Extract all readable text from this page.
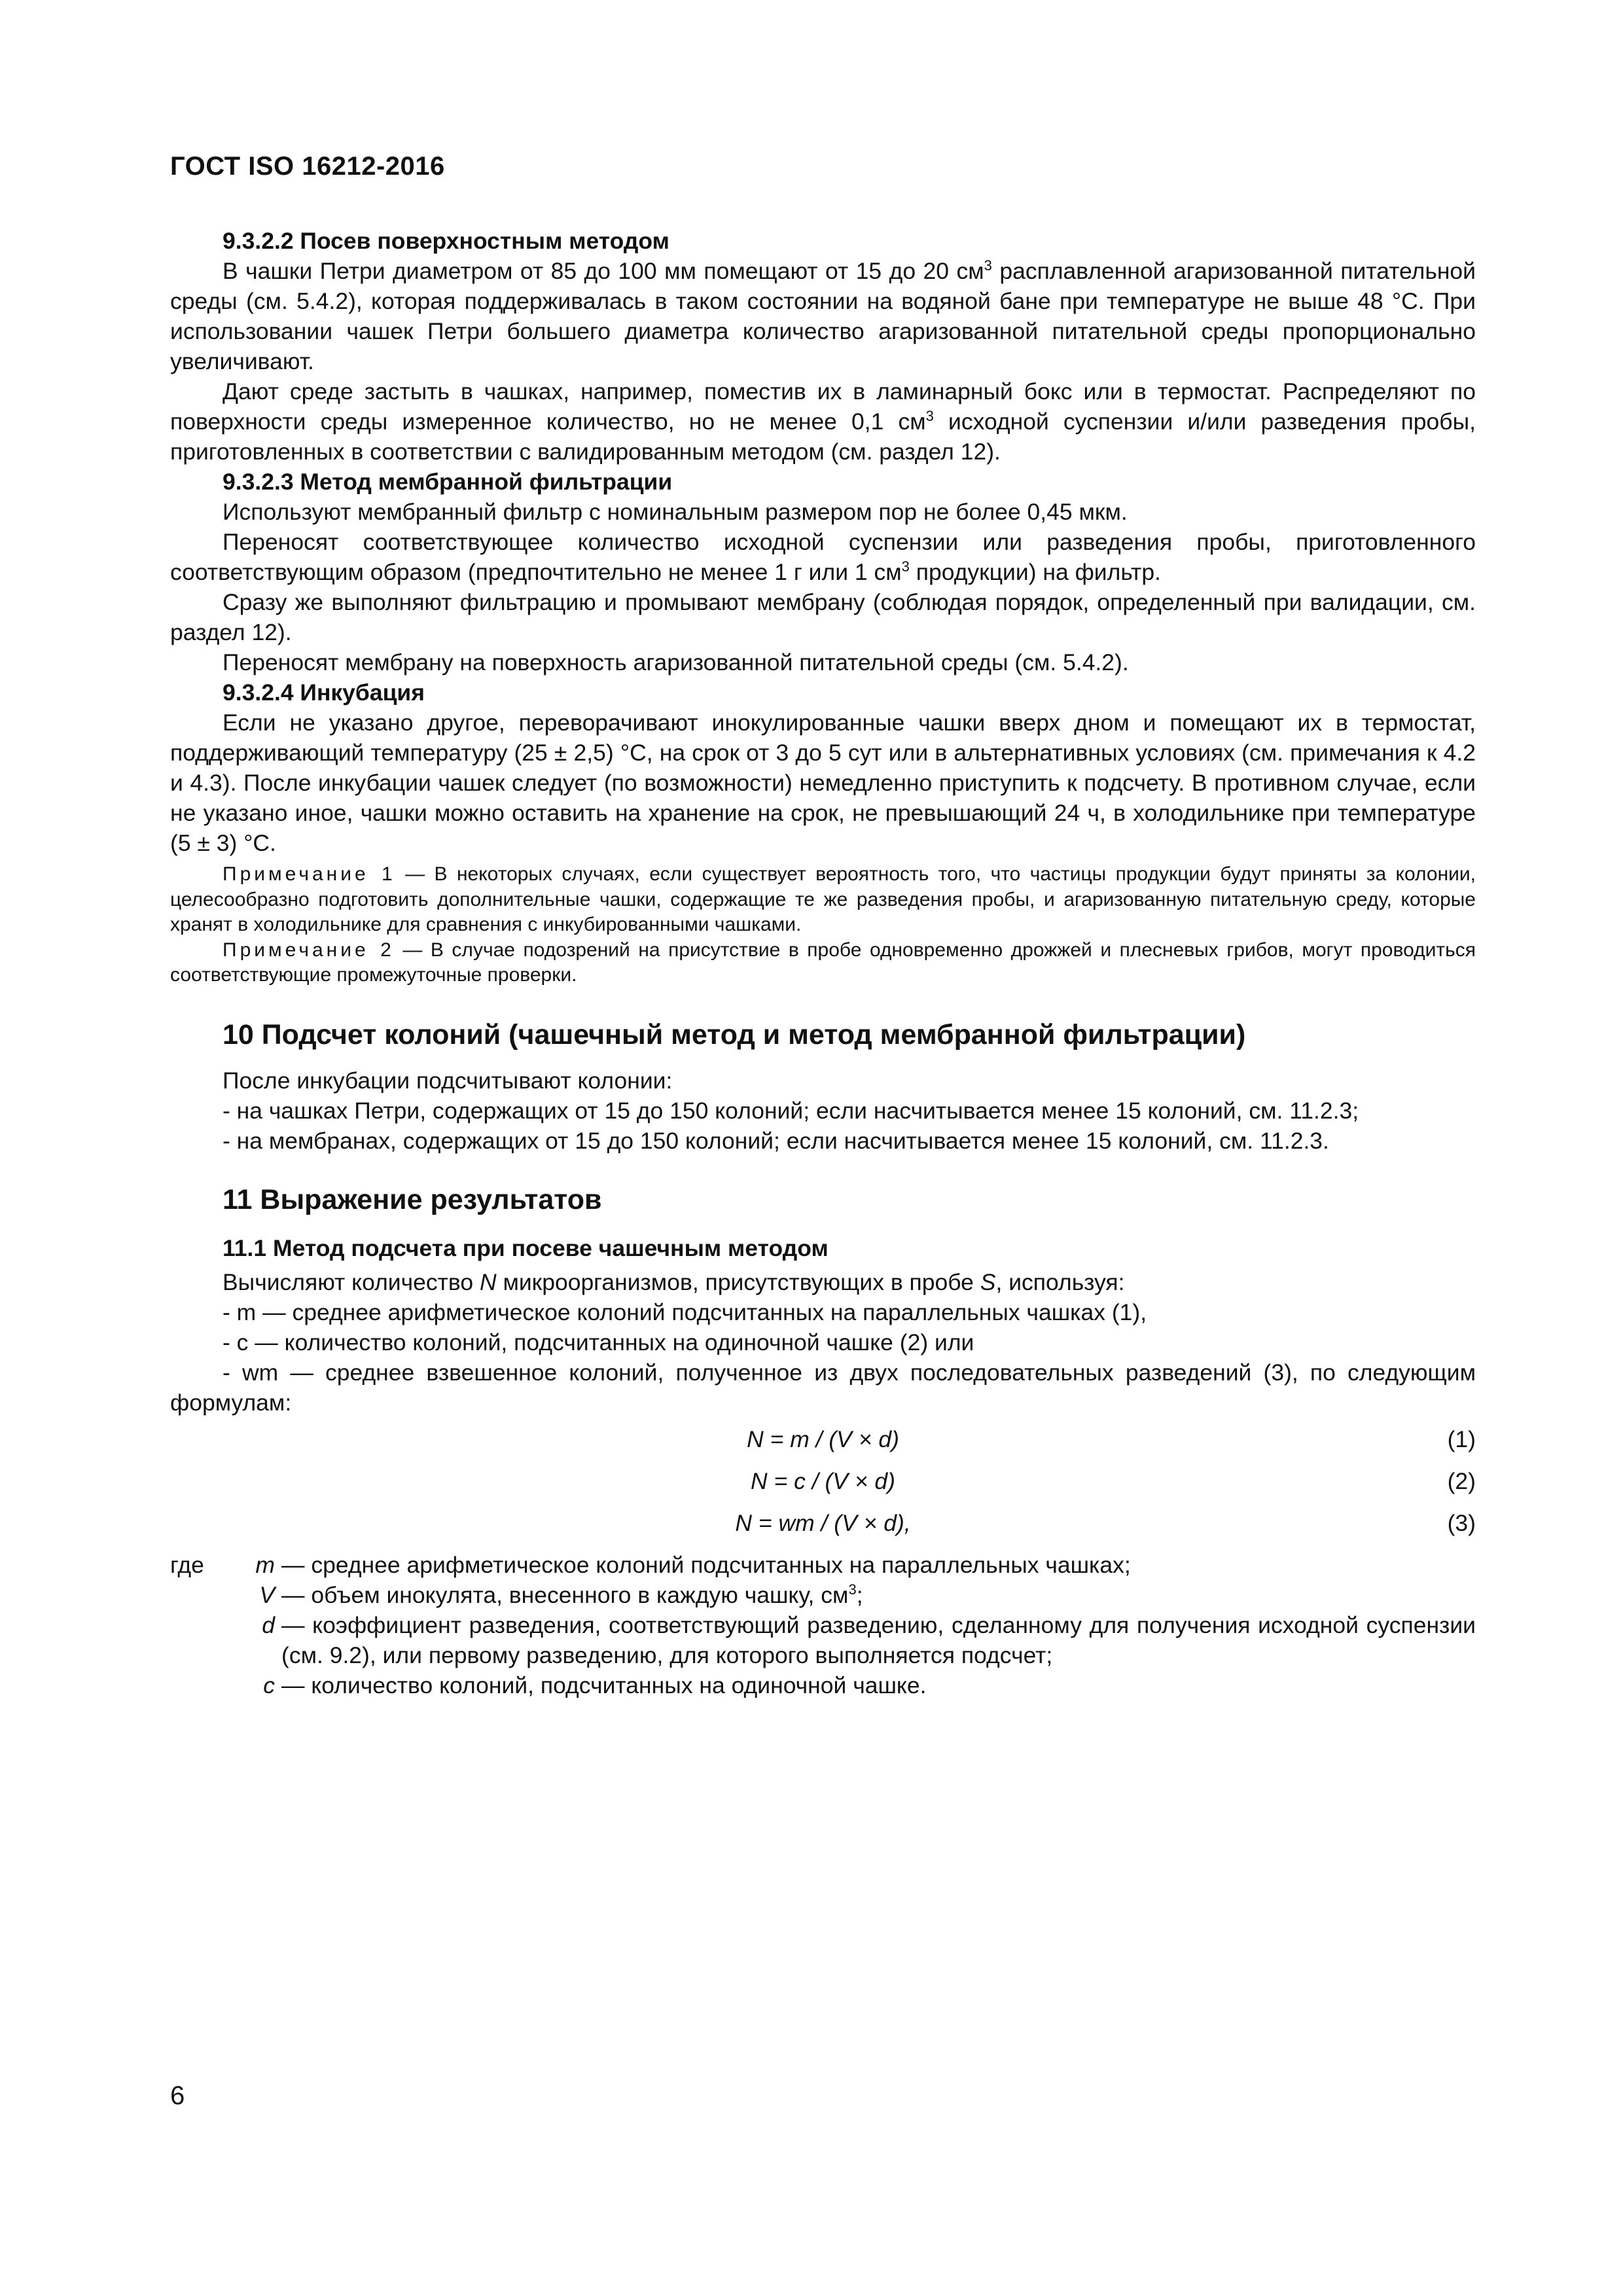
ГОСТ ISO 16212-2016
9.3.2.2 Посев поверхностным методом

В чашки Петри диаметром от 85 до 100 мм помещают от 15 до 20 $см^3$ расплавленной агаризованной питательной среды (см. 5.4.2), которая поддерживалась в таком состоянии на водяной бане при температуре не выше 48 °С. При использовании чашек Петри большего диаметра количество агаризованной питательной среды пропорционально увеличивают.

Дают среде застыть в чашках, например, поместив их в ламинарный бокс или в термостат. Распределяют по поверхности среды измеренное количество, но не менее 0,1 $см^3$ исходной суспензии и/или разведения пробы, приготовленных в соответствии с валидированным методом (см. раздел 12).

9.3.2.3 Метод мембранной фильтрации

Используют мембранный фильтр с номинальным размером пор не более 0,45 мкм.

Переносят соответствующее количество исходной суспензии или разведения пробы, приготовленного соответствующим образом (предпочтительно не менее 1 г или 1 $см^3$ продукции) на фильтр.

Сразу же выполняют фильтрацию и промывают мембрану (соблюдая порядок, определенный при валидации, см. раздел 12).

Переносят мембрану на поверхность агаризованной питательной среды (см. 5.4.2).

9.3.2.4 Инкубация

Если не указано другое, переворачивают инокулированные чашки вверх дном и помещают их в термостат, поддерживающий температуру (25 ± 2,5) °С, на срок от 3 до 5 сут или в альтернативных условиях (см. примечания к 4.2 и 4.3). После инкубации чашек следует (по возможности) немедленно приступить к подсчету. В противном случае, если не указано иное, чашки можно оставить на хранение на срок, не превышающий 24 ч, в холодильнике при температуре (5 ± 3) °С.

Примечание 1 — В некоторых случаях, если существует вероятность того, что частицы продукции будут приняты за колонии, целесообразно подготовить дополнительные чашки, содержащие те же разведения пробы, и агаризованную питательную среду, которые хранят в холодильнике для сравнения с инкубированными чашками.
Примечание 2 — В случае подозрений на присутствие в пробе одновременно дрожжей и плесневых грибов, могут проводиться соответствующие промежуточные проверки.
10 Подсчет колоний (чашечный метод и метод мембранной фильтрации)

После инкубации подсчитывают колонии:

- на чашках Петри, содержащих от 15 до 150 колоний; если насчитывается менее 15 колоний, см. 11.2.3;

- на мембранах, содержащих от 15 до 150 колоний; если насчитывается менее 15 колоний, см. 11.2.3.

11 Выражение результатов
11.1 Метод подсчета при посеве чашечным методом

Вычисляют количество N микроорганизмов, присутствующих в пробе S, используя:

- m — среднее арифметическое колоний подсчитанных на параллельных чашках (1),

- c — количество колоний, подсчитанных на одиночной чашке (2) или

- wm — среднее взвешенное колоний, полученное из двух последовательных разведений (3), по следующим формулам:

N = m / (V × d)	(1)
N = c / (V × d)	(2)
N = wm / (V × d),	(3)
где m — среднее арифметическое колоний подсчитанных на параллельных чашках;
V — объем инокулята, внесенного в каждую чашку, $см^3$;
d — коэффициент разведения, соответствующий разведению, сделанному для получения исходной суспензии (см. 9.2), или первому разведению, для которого выполняется подсчет;
c — количество колоний, подсчитанных на одиночной чашке.
6
